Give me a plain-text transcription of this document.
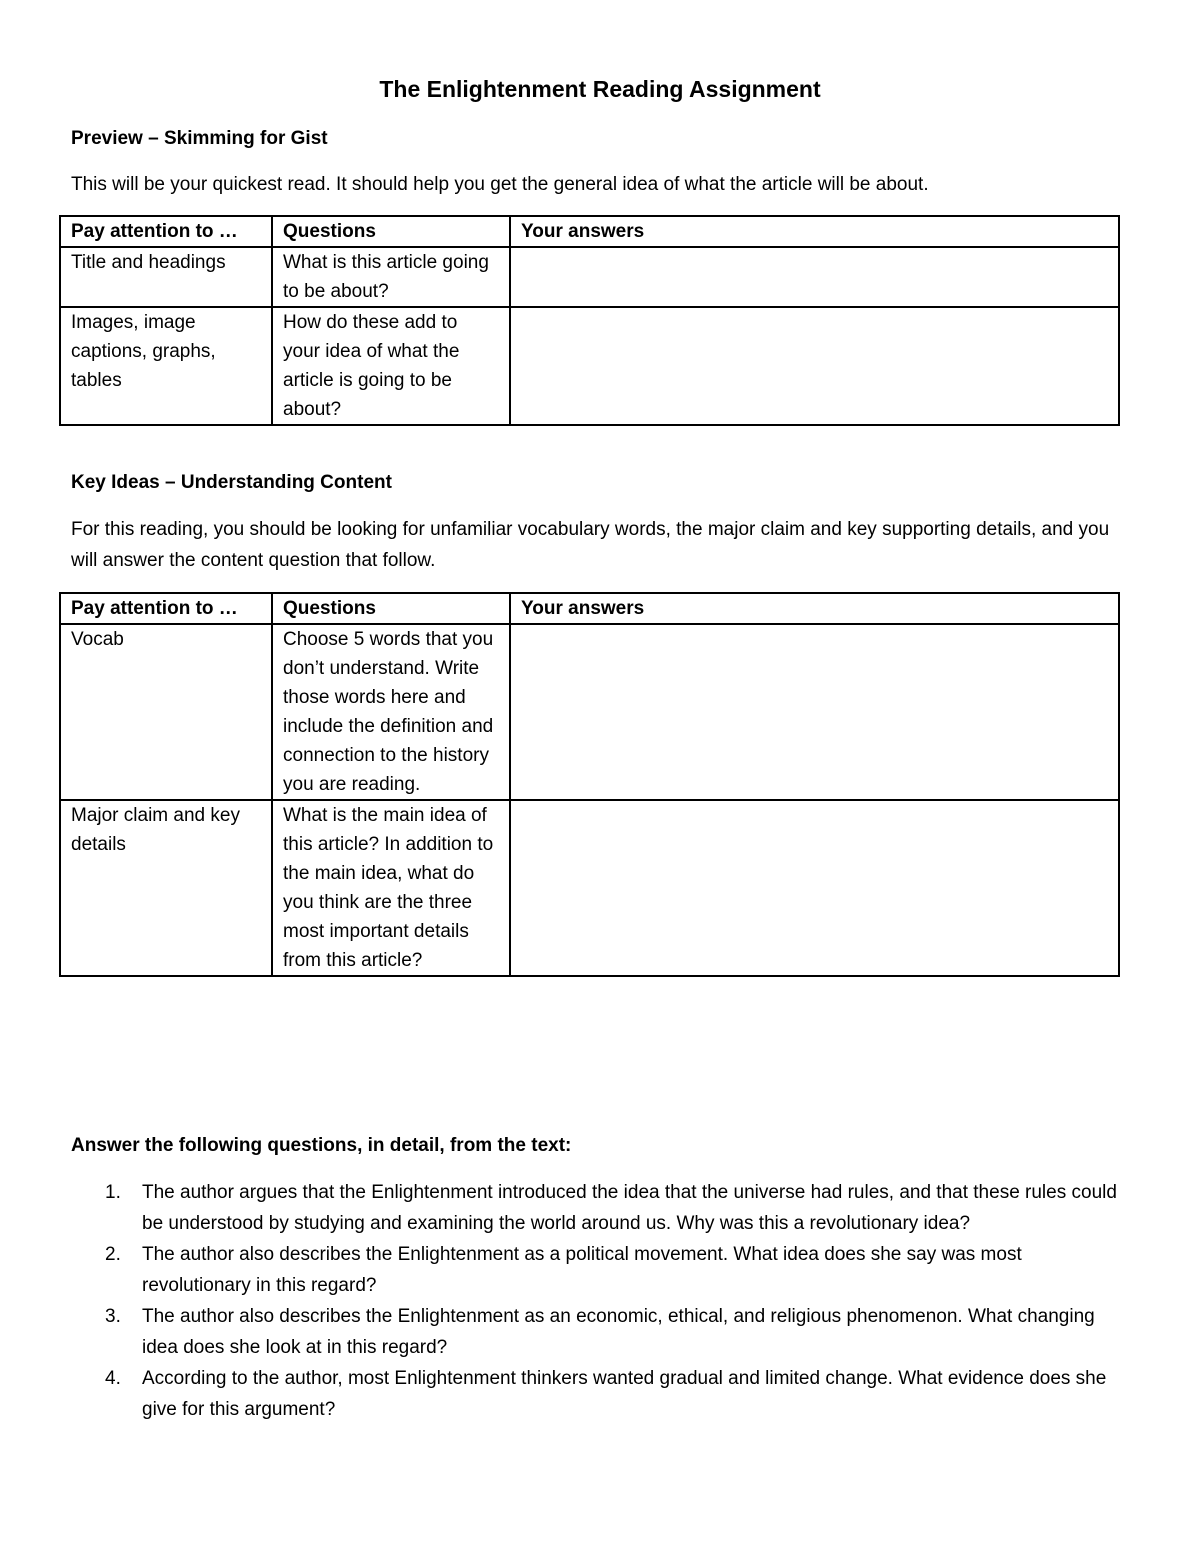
The Enlightenment Reading Assignment
Preview – Skimming for Gist
This will be your quickest read. It should help you get the general idea of what the article will be about.
Pay attention to …	Questions	Your answers
Title and headings	What is this article going to be about?	
Images, image captions, graphs, tables	How do these add to your idea of what the article is going to be about?	
Key Ideas – Understanding Content
For this reading, you should be looking for unfamiliar vocabulary words, the major claim and key supporting details, and you will answer the content question that follow.
Pay attention to …	Questions	Your answers
Vocab	Choose 5 words that you don’t understand. Write those words here and include the definition and connection to the history you are reading.	
Major claim and key details	What is the main idea of this article? In addition to the main idea, what do you think are the three most important details from this article?	
Answer the following questions, in detail, from the text:
1. The author argues that the Enlightenment introduced the idea that the universe had rules, and that these rules could be understood by studying and examining the world around us. Why was this a revolutionary idea?
2. The author also describes the Enlightenment as a political movement. What idea does she say was most revolutionary in this regard?
3. The author also describes the Enlightenment as an economic, ethical, and religious phenomenon. What changing idea does she look at in this regard?
4. According to the author, most Enlightenment thinkers wanted gradual and limited change. What evidence does she give for this argument?
